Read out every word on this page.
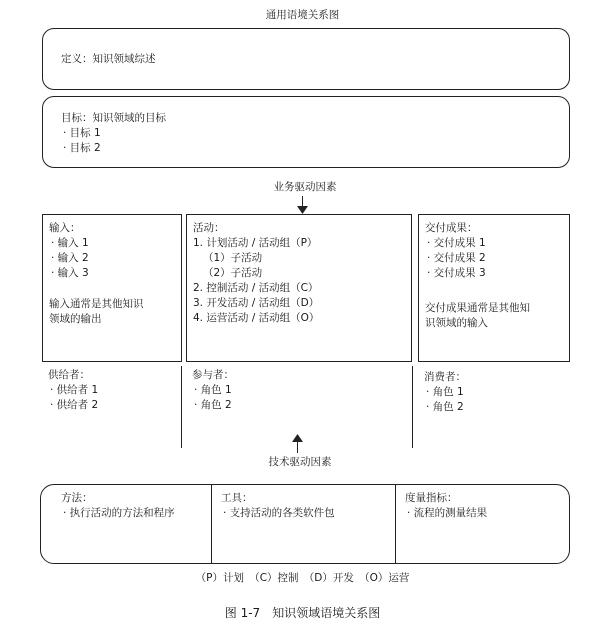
通用语境关系图
定义：知识领域综述
目标：知识领域的目标
· 目标 1
· 目标 2
业务驱动因素
输入：
· 输入 1
· 输入 2
· 输入 3
输入通常是其他知识
领域的输出
活动：
1. 计划活动 / 活动组（P）
（1）子活动
（2）子活动
2. 控制活动 / 活动组（C）
3. 开发活动 / 活动组（D）
4. 运营活动 / 活动组（O）
交付成果：
· 交付成果 1
· 交付成果 2
· 交付成果 3
交付成果通常是其他知
识领域的输入
供给者：
· 供给者 1
· 供给者 2
参与者：
· 角色 1
· 角色 2
消费者：
· 角色 1
· 角色 2
技术驱动因素
方法：
· 执行活动的方法和程序
工具：
· 支持活动的各类软件包
度量指标：
· 流程的测量结果
（P）计划　（C）控制　（D）开发　（O）运营
图 1-7　知识领域语境关系图
